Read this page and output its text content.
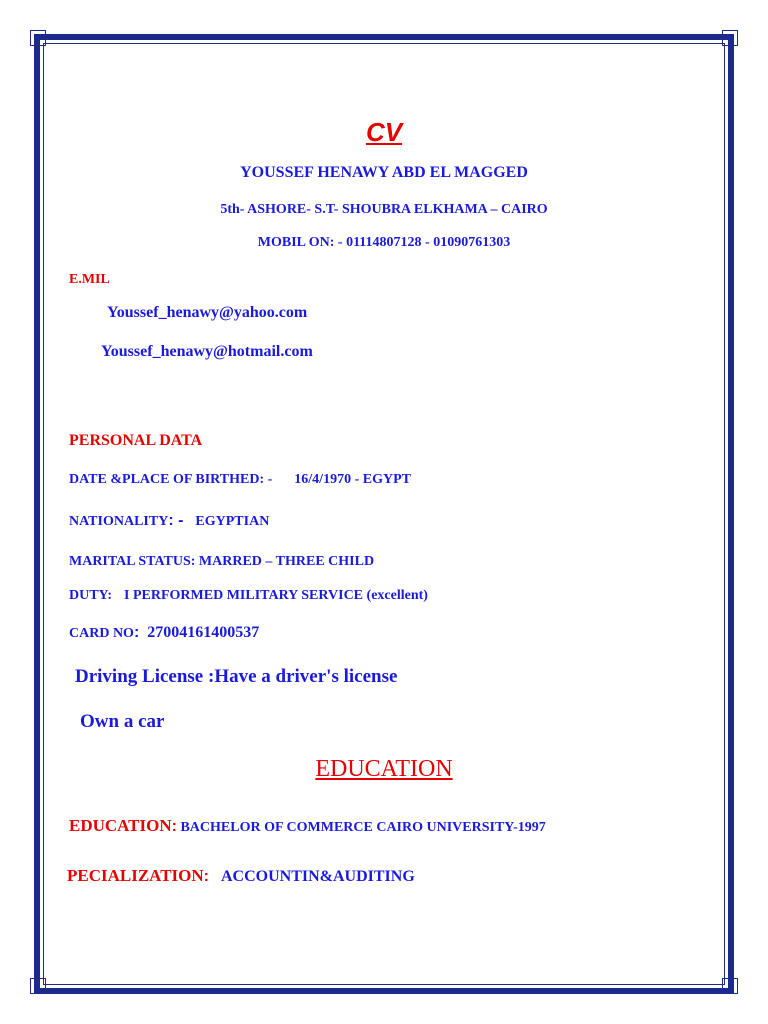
CV
YOUSSEF HENAWY ABD EL MAGGED
5th- ASHORE- S.T- SHOUBRA ELKHAMA – CAIRO
MOBIL ON: - 01114807128 - 01090761303
E.MIL
Youssef_henawy@yahoo.com
Youssef_henawy@hotmail.com
PERSONAL DATA
DATE &PLACE OF BIRTHED: - 16/4/1970 - EGYPT
NATIONALITY: - EGYPTIAN
MARITAL STATUS: MARRED – THREE CHILD
DUTY: I PERFORMED MILITARY SERVICE (excellent)
CARD NO: 27004161400537
Driving License :Have a driver's license
Own a car
EDUCATION
EDUCATION: BACHELOR OF COMMERCE CAIRO UNIVERSITY-1997
PECIALIZATION: ACCOUNTIN&AUDITING
